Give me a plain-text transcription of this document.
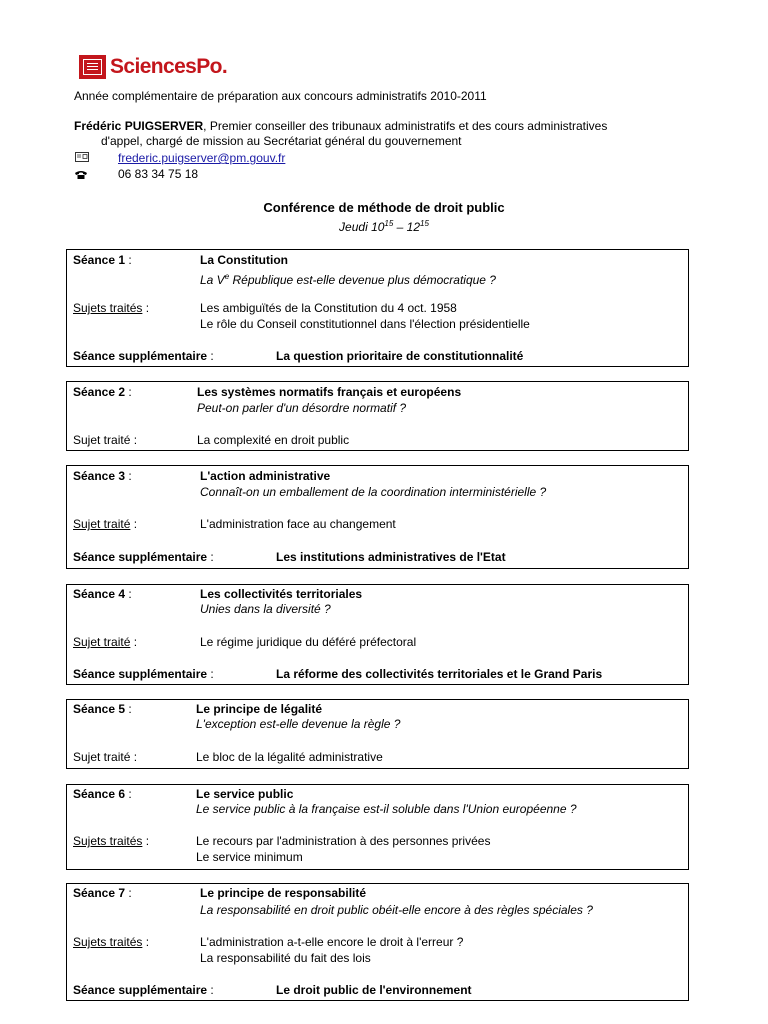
SciencesPo.
Année complémentaire de préparation aux concours administratifs 2010-2011
Frédéric PUIGSERVER, Premier conseiller des tribunaux administratifs et des cours administratives
d'appel, chargé de mission au Secrétariat général du gouvernement
frederic.puigserver@pm.gouv.fr
06 83 34 75 18
Conférence de méthode de droit public
Jeudi $10^{15} - 12^{15}$
Séance 1 :	La Constitution
La Ve République est-elle devenue plus démocratique ?
Sujets traités :	Les ambiguïtés de la Constitution du 4 oct. 1958
Le rôle du Conseil constitutionnel dans l'élection présidentielle
Séance supplémentaire :	La question prioritaire de constitutionnalité
Séance 2 :	Les systèmes normatifs français et européens
Peut-on parler d'un désordre normatif ?
Sujet traité :	La complexité en droit public
Séance 3 :	L'action administrative
Connaît-on un emballement de la coordination interministérielle ?
Sujet traité :	L'administration face au changement
Séance supplémentaire :	Les institutions administratives de l'Etat
Séance 4 :	Les collectivités territoriales
Unies dans la diversité ?
Sujet traité :	Le régime juridique du déféré préfectoral
Séance supplémentaire :	La réforme des collectivités territoriales et le Grand Paris
Séance 5 :	Le principe de légalité
L'exception est-elle devenue la règle ?
Sujet traité :	Le bloc de la légalité administrative
Séance 6 :	Le service public
Le service public à la française est-il soluble dans l'Union européenne ?
Sujets traités :	Le recours par l'administration à des personnes privées
Le service minimum
Séance 7 :	Le principe de responsabilité
La responsabilité en droit public obéit-elle encore à des règles spéciales ?
Sujets traités :	L'administration a-t-elle encore le droit à l'erreur ?
La responsabilité du fait des lois
Séance supplémentaire :	Le droit public de l'environnement
